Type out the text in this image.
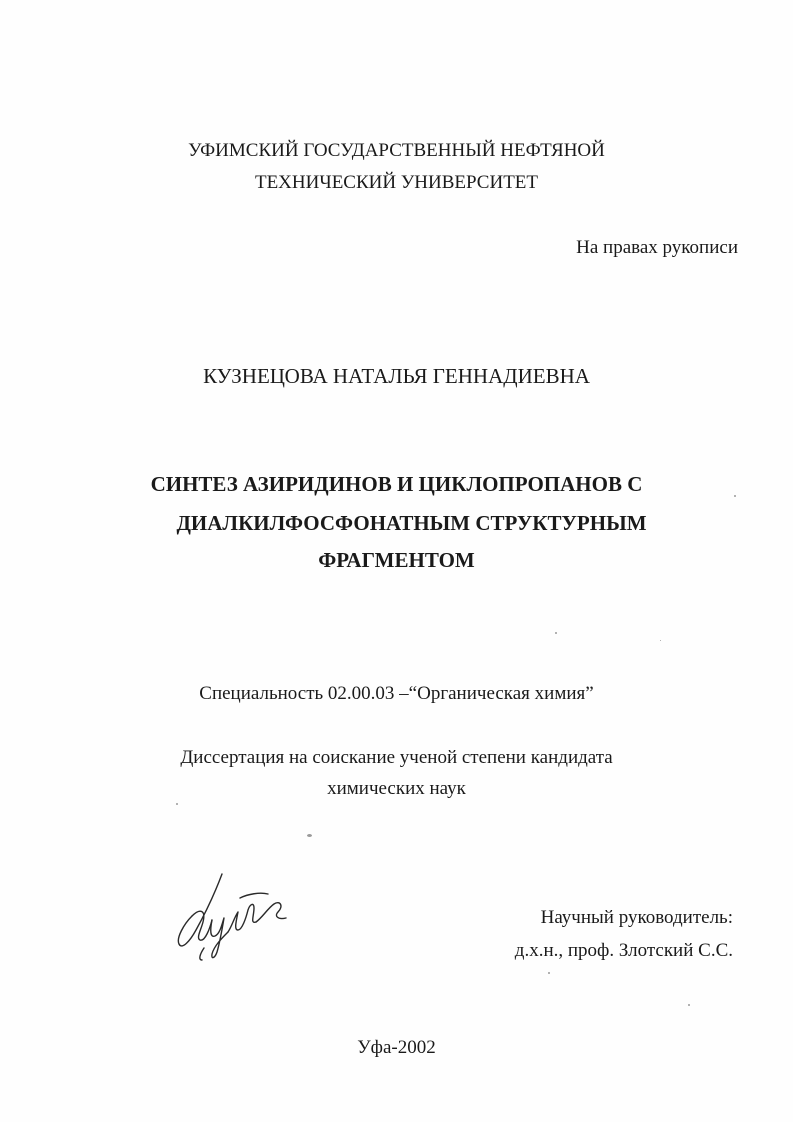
УФИМСКИЙ ГОСУДАРСТВЕННЫЙ НЕФТЯНОЙ
ТЕХНИЧЕСКИЙ УНИВЕРСИТЕТ
На правах рукописи
КУЗНЕЦОВА НАТАЛЬЯ ГЕННАДИЕВНА
СИНТЕЗ АЗИРИДИНОВ И ЦИКЛОПРОПАНОВ С
ДИАЛКИЛФОСФОНАТНЫМ СТРУКТУРНЫМ
ФРАГМЕНТОМ
Специальность 02.00.03 –“Органическая химия”
Диссертация на соискание ученой степени кандидата
химических наук
Научный руководитель:
д.х.н., проф. Злотский С.С.
Уфа-2002
